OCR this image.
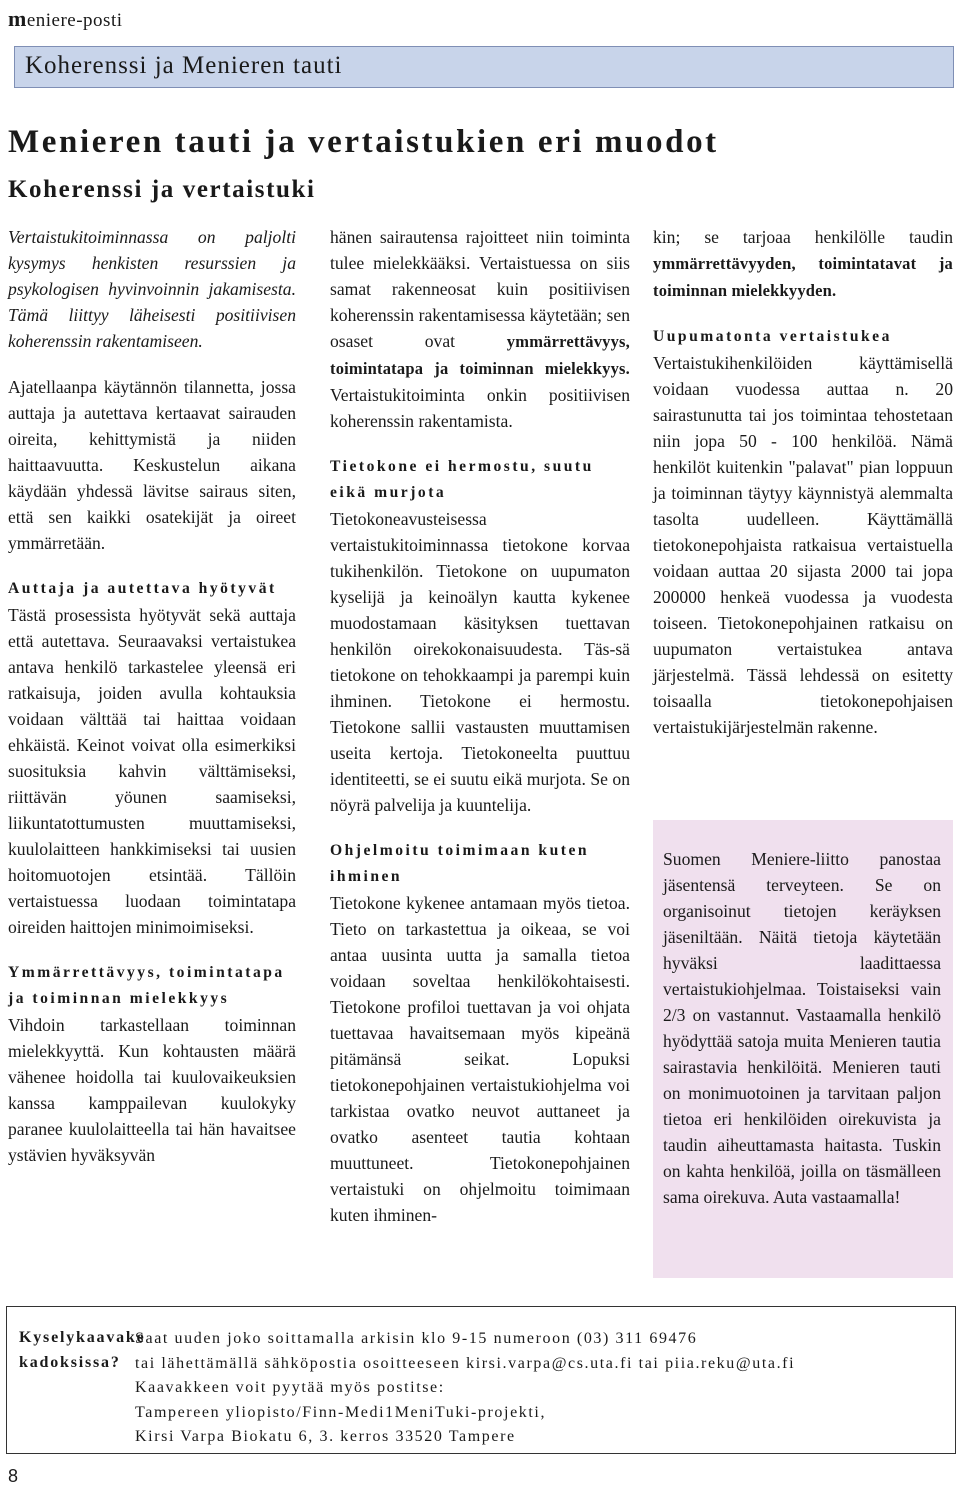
meniere-posti
Koherenssi ja Menieren tauti
Menieren tauti ja vertaistukien eri muodot
Koherenssi ja vertaistuki

Vertaistukitoiminnassa on paljolti kysymys henkisten resurssien ja psykologisen hyvinvoinnin jakamisesta. Tämä liittyy läheisesti positiivisen koherenssin rakentamiseen.

Ajatellaanpa käytännön tilannetta, jossa auttaja ja autettava kertaavat sairauden oireita, kehittymistä ja niiden haittaavuutta. Keskustelun aikana käydään yhdessä lävitse sairaus siten, että sen kaikki osatekijät ja oireet ymmärretään.

Auttaja ja autettava hyötyvät

Tästä prosessista hyötyvät sekä auttaja että autettava. Seuraavaksi vertaistukea antava henkilö tarkastelee yleensä eri ratkaisuja, joiden avulla kohtauksia voidaan välttää tai haittaa voidaan ehkäistä. Keinot voivat olla esimerkiksi suosituksia kahvin välttämiseksi, riittävän yöunen saamiseksi, liikuntatottumusten muuttamiseksi, kuulolaitteen hankkimiseksi tai uusien hoitomuotojen etsintää. Tällöin vertaistuessa luodaan toimintatapa oireiden haittojen minimoimiseksi.

Ymmärrettävyys, toimintatapa ja toiminnan mielekkyys

Vihdoin tarkastellaan toiminnan mielekkyyttä. Kun kohtausten määrä vähenee hoidolla tai kuulovaikeuksien kanssa kamppailevan kuulokyky paranee kuulolaitteella tai hän havaitsee ystävien hyväksyvän

hänen sairautensa rajoitteet niin toiminta tulee mielekkääksi. Vertaistuessa on siis samat rakenneosat kuin positiivisen koherenssin rakentamisessa käytetään; sen osaset ovat ymmärrettävyys, toimintatapa ja toiminnan mielekkyys. Vertaistukitoiminta onkin positiivisen koherenssin rakentamista.

Tietokone ei hermostu, suutu eikä murjota

Tietokoneavusteisessa vertaistukitoiminnassa tietokone korvaa tukihenkilön. Tietokone on uupumaton kyselijä ja keinoälyn kautta kykenee muodostamaan käsityksen tuettavan henkilön oirekokonaisuudesta. Täs-sä tietokone on tehokkaampi ja parempi kuin ihminen. Tietokone ei hermostu. Tietokone sallii vastausten muuttamisen useita kertoja. Tietokoneelta puuttuu identiteetti, se ei suutu eikä murjota. Se on nöyrä palvelija ja kuuntelija.

Ohjelmoitu toimimaan kuten ihminen

Tietokone kykenee antamaan myös tietoa. Tieto on tarkastettua ja oikeaa, se voi antaa uusinta uutta ja samalla tietoa voidaan soveltaa henkilökohtaisesti. Tietokone profiloi tuettavan ja voi ohjata tuettavaa havaitsemaan myös kipeänä pitämänsä seikat. Lopuksi tietokonepohjainen vertaistukiohjelma voi tarkistaa ovatko neuvot auttaneet ja ovatko asenteet tautia kohtaan muuttuneet. Tietokonepohjainen vertaistuki on ohjelmoitu toimimaan kuten ihminen-

kin; se tarjoaa henkilölle taudin ymmärrettävyyden, toimintatavat ja toiminnan mielekkyyden.

Uupumatonta vertaistukea

Vertaistukihenkilöiden käyttämisellä voidaan vuodessa auttaa n. 20 sairastunutta tai jos toimintaa tehostetaan niin jopa 50 - 100 henkilöä. Nämä henkilöt kuitenkin "palavat" pian loppuun ja toiminnan täytyy käynnistyä alemmalta tasolta uudelleen. Käyttämällä tietokonepohjaista ratkaisua vertaistuella voidaan auttaa 20 sijasta 2000 tai jopa 200000 henkeä vuodessa ja vuodesta toiseen. Tietokonepohjainen ratkaisu on uupumaton vertaistukea antava järjestelmä. Tässä lehdessä on esitetty toisaalla tietokonepohjaisen vertaistukijärjestelmän rakenne.

Suomen Meniere-liitto panostaa jäsentensä terveyteen. Se on organisoinut tietojen keräyksen jäseniltään. Näitä tietoja käytetään hyväksi laadittaessa vertaistukiohjelmaa. Toistaiseksi vain 2/3 on vastannut. Vastaamalla henkilö hyödyttää satoja muita Menieren tautia sairastavia henkilöitä. Menieren tauti on monimuotoinen ja tarvitaan paljon tietoa eri henkilöiden oirekuvista ja taudin aiheuttamasta haitasta. Tuskin on kahta henkilöä, joilla on täsmälleen sama oirekuva. Auta vastaamalla!
Kyselykaavake kadoksissa?
Saat uuden joko soittamalla arkisin klo 9-15 numeroon (03) 311 69476
tai lähettämällä sähköpostia osoitteeseen kirsi.varpa@cs.uta.fi tai piia.reku@uta.fi
Kaavakkeen voit pyytää myös postitse:
Tampereen yliopisto/Finn-Medi1MeniTuki-projekti,
Kirsi Varpa Biokatu 6, 3. kerros 33520 Tampere
8
